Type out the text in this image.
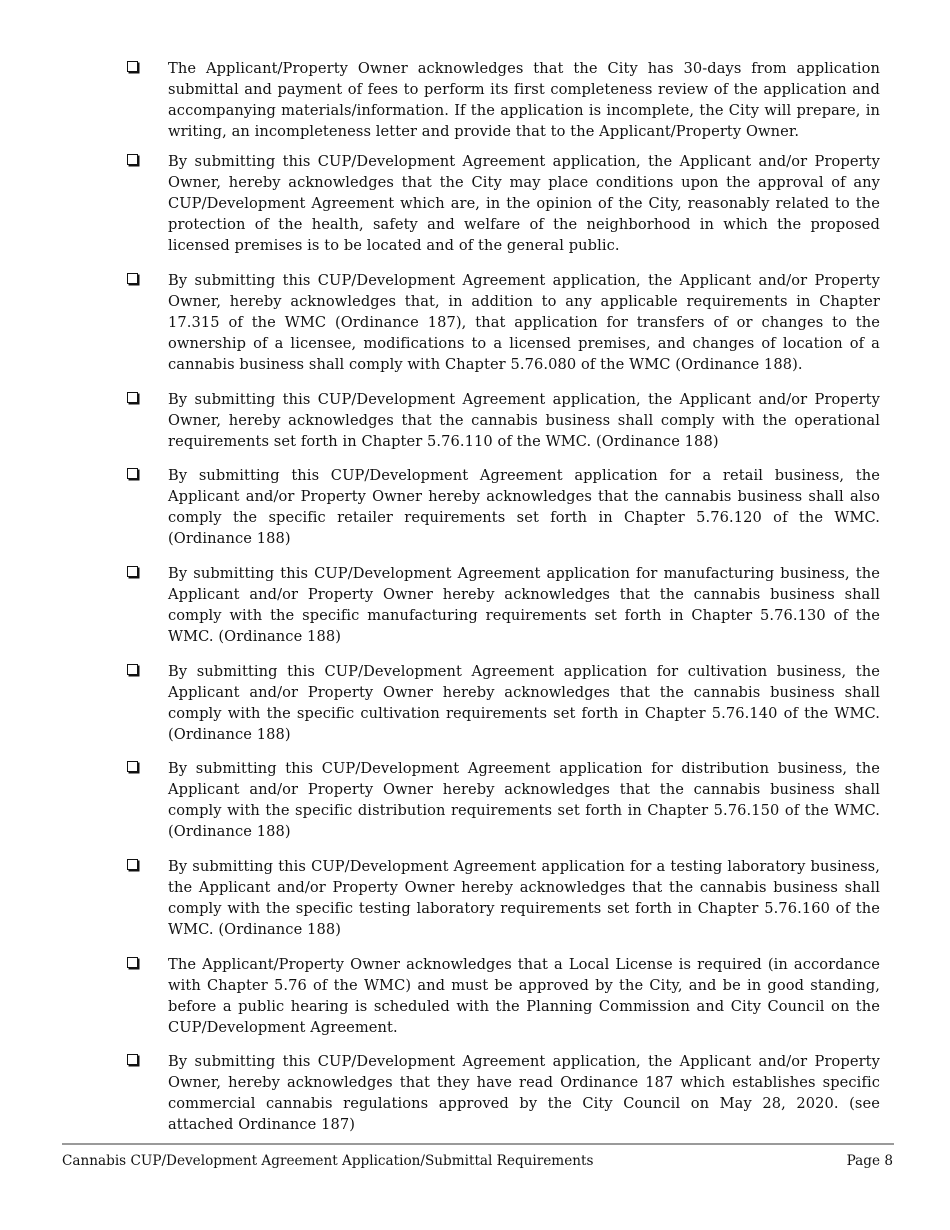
The Applicant/Property Owner acknowledges that the City has 30-days from application submittal and payment of fees to perform its first completeness review of the application and accompanying materials/information. If the application is incomplete, the City will prepare, in writing, an incompleteness letter and provide that to the Applicant/Property Owner.
By submitting this CUP/Development Agreement application, the Applicant and/or Property Owner, hereby acknowledges that the City may place conditions upon the approval of any CUP/Development Agreement which are, in the opinion of the City, reasonably related to the protection of the health, safety and welfare of the neighborhood in which the proposed licensed premises is to be located and of the general public.
By submitting this CUP/Development Agreement application, the Applicant and/or Property Owner, hereby acknowledges that, in addition to any applicable requirements in Chapter 17.315 of the WMC (Ordinance 187), that application for transfers of or changes to the ownership of a licensee, modifications to a licensed premises, and changes of location of a cannabis business shall comply with Chapter 5.76.080 of the WMC (Ordinance 188).
By submitting this CUP/Development Agreement application, the Applicant and/or Property Owner, hereby acknowledges that the cannabis business shall comply with the operational requirements set forth in Chapter 5.76.110 of the WMC. (Ordinance 188)
By submitting this CUP/Development Agreement application for a retail business, the Applicant and/or Property Owner hereby acknowledges that the cannabis business shall also comply the specific retailer requirements set forth in Chapter 5.76.120 of the WMC. (Ordinance 188)
By submitting this CUP/Development Agreement application for manufacturing business, the Applicant and/or Property Owner hereby acknowledges that the cannabis business shall comply with the specific manufacturing requirements set forth in Chapter 5.76.130 of the WMC. (Ordinance 188)
By submitting this CUP/Development Agreement application for cultivation business, the Applicant and/or Property Owner hereby acknowledges that the cannabis business shall comply with the specific cultivation requirements set forth in Chapter 5.76.140 of the WMC. (Ordinance 188)
By submitting this CUP/Development Agreement application for distribution business, the Applicant and/or Property Owner hereby acknowledges that the cannabis business shall comply with the specific distribution requirements set forth in Chapter 5.76.150 of the WMC. (Ordinance 188)
By submitting this CUP/Development Agreement application for a testing laboratory business, the Applicant and/or Property Owner hereby acknowledges that the cannabis business shall comply with the specific testing laboratory requirements set forth in Chapter 5.76.160 of the WMC. (Ordinance 188)
The Applicant/Property Owner acknowledges that a Local License is required (in accordance with Chapter 5.76 of the WMC) and must be approved by the City, and be in good standing, before a public hearing is scheduled with the Planning Commission and City Council on the CUP/Development Agreement.
By submitting this CUP/Development Agreement application, the Applicant and/or Property Owner, hereby acknowledges that they have read Ordinance 187 which establishes specific commercial cannabis regulations approved by the City Council on May 28, 2020. (see attached Ordinance 187)
Cannabis CUP/Development Agreement Application/Submittal Requirements	Page 8
